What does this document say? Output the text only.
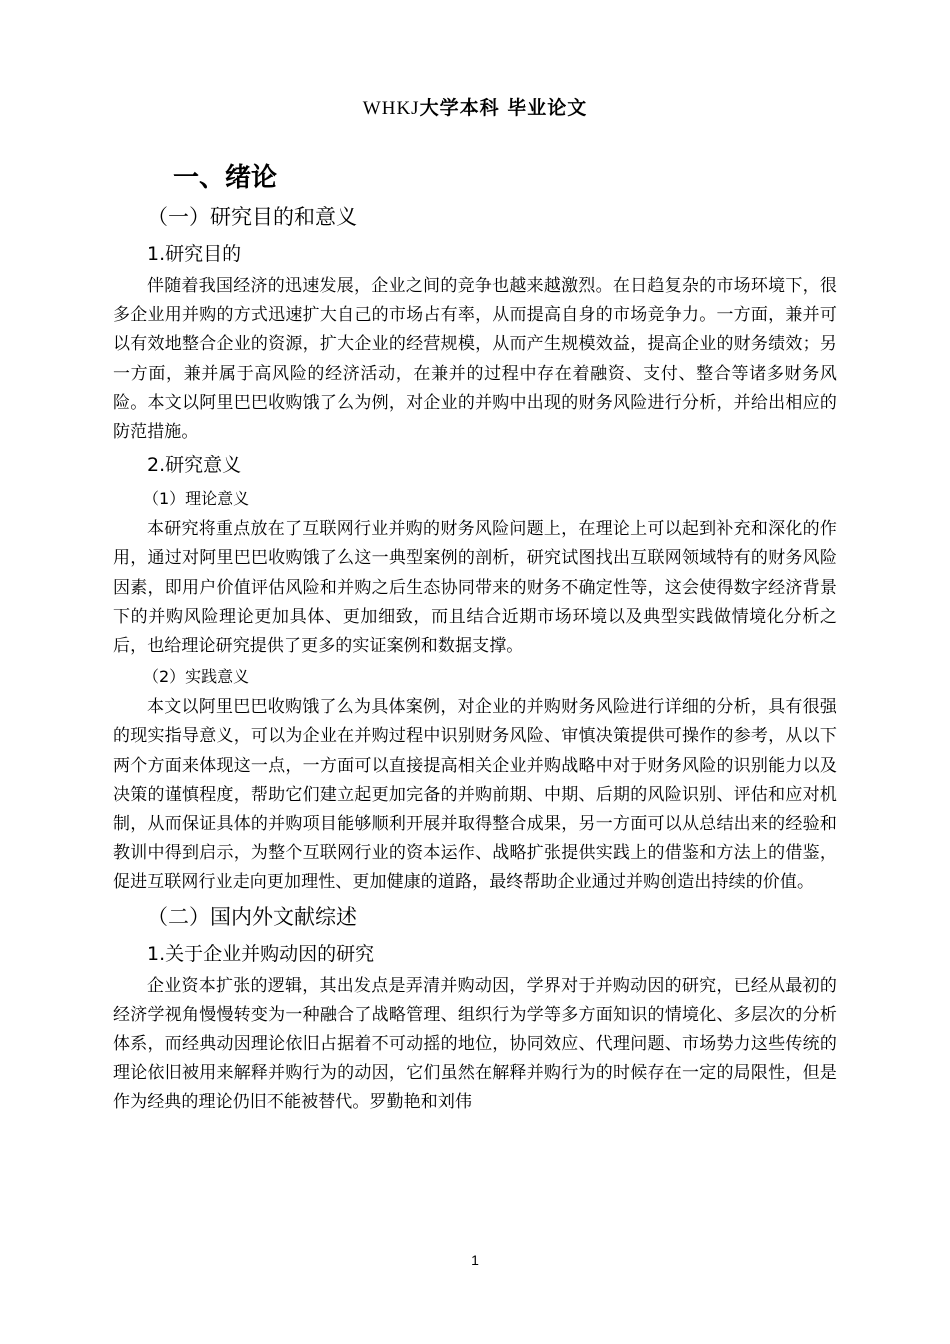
WHKJ大学本科 毕业论文
一、绪论
（一）研究目的和意义
1.研究目的

伴随着我国经济的迅速发展，企业之间的竞争也越来越激烈。在日趋复杂的市场环境下，很多企业用并购的方式迅速扩大自己的市场占有率，从而提高自身的市场竞争力。一方面，兼并可以有效地整合企业的资源，扩大企业的经营规模，从而产生规模效益，提高企业的财务绩效；另一方面，兼并属于高风险的经济活动，在兼并的过程中存在着融资、支付、整合等诸多财务风险。本文以阿里巴巴收购饿了么为例，对企业的并购中出现的财务风险进行分析，并给出相应的防范措施。

2.研究意义
（1）理论意义

本研究将重点放在了互联网行业并购的财务风险问题上，在理论上可以起到补充和深化的作用，通过对阿里巴巴收购饿了么这一典型案例的剖析，研究试图找出互联网领域特有的财务风险因素，即用户价值评估风险和并购之后生态协同带来的财务不确定性等，这会使得数字经济背景下的并购风险理论更加具体、更加细致，而且结合近期市场环境以及典型实践做情境化分析之后，也给理论研究提供了更多的实证案例和数据支撑。

（2）实践意义

本文以阿里巴巴收购饿了么为具体案例，对企业的并购财务风险进行详细的分析，具有很强的现实指导意义，可以为企业在并购过程中识别财务风险、审慎决策提供可操作的参考，从以下两个方面来体现这一点，一方面可以直接提高相关企业并购战略中对于财务风险的识别能力以及决策的谨慎程度，帮助它们建立起更加完备的并购前期、中期、后期的风险识别、评估和应对机制，从而保证具体的并购项目能够顺利开展并取得整合成果，另一方面可以从总结出来的经验和教训中得到启示，为整个互联网行业的资本运作、战略扩张提供实践上的借鉴和方法上的借鉴，促进互联网行业走向更加理性、更加健康的道路，最终帮助企业通过并购创造出持续的价值。

（二）国内外文献综述
1.关于企业并购动因的研究

企业资本扩张的逻辑，其出发点是弄清并购动因，学界对于并购动因的研究，已经从最初的经济学视角慢慢转变为一种融合了战略管理、组织行为学等多方面知识的情境化、多层次的分析体系，而经典动因理论依旧占据着不可动摇的地位，协同效应、代理问题、市场势力这些传统的理论依旧被用来解释并购行为的动因，它们虽然在解释并购行为的时候存在一定的局限性，但是作为经典的理论仍旧不能被替代。罗勤艳和刘伟

1
